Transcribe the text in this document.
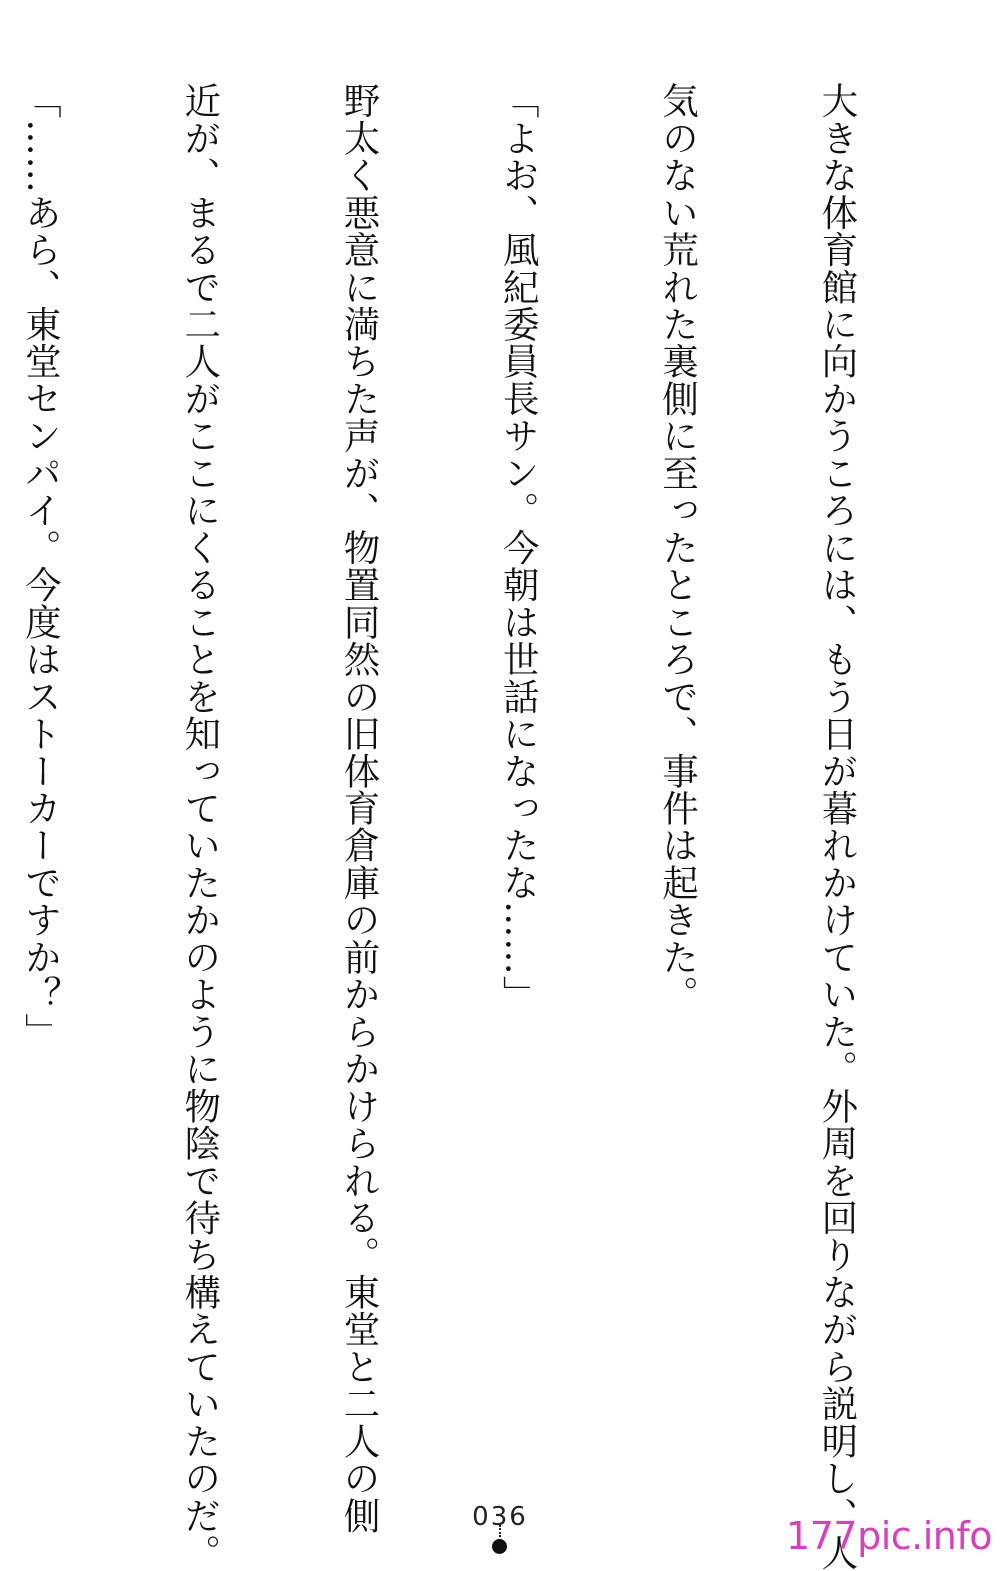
大きな体育館に向かうころには、もう日が暮れかけていた。外周を回りながら説明し、人

気のない荒れた裏側に至ったところで、事件は起きた。

「よお、風紀委員長サン。今朝は世話になったな……」

野太く悪意に満ちた声が、物置同然の旧体育倉庫の前からかけられる。東堂と二人の側

近が、まるで二人がここにくることを知っていたかのように物陰で待ち構えていたのだ。

「……あら、東堂センパイ。今度はストーカーですか？」

036	177pic.info
